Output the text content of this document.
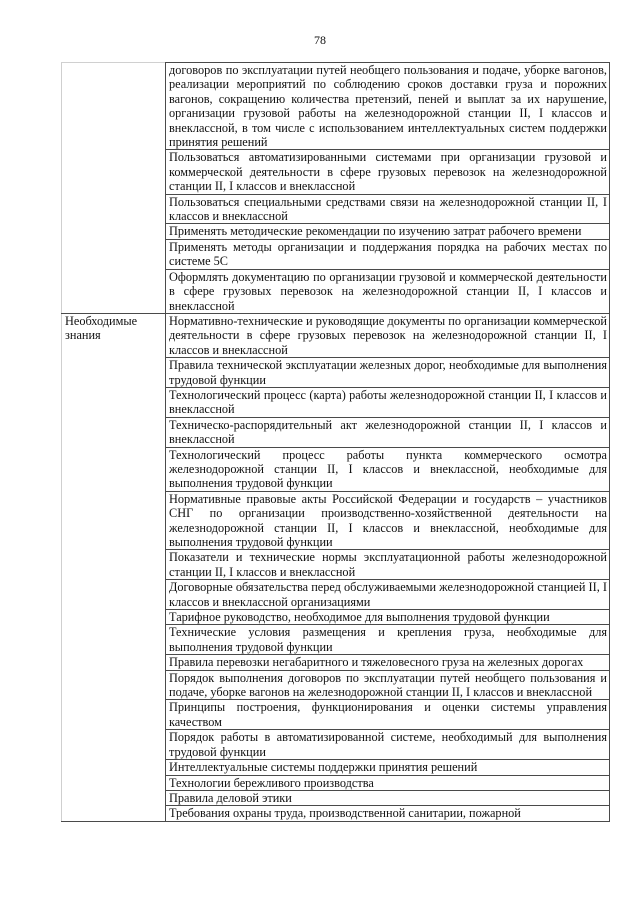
78
	договоров по эксплуатации путей необщего пользования и подаче, уборке вагонов, реализации мероприятий по соблюдению сроков доставки груза и порожних вагонов, сокращению количества претензий, пеней и выплат за их нарушение, организации грузовой работы на железнодорожной станции II, I классов и внеклассной, в том числе с использованием интеллектуальных систем поддержки принятия решений
	Пользоваться автоматизированными системами при организации грузовой и коммерческой деятельности в сфере грузовых перевозок на железнодорожной станции II, I классов и внеклассной
	Пользоваться специальными средствами связи на железнодорожной станции II, I классов и внеклассной
	Применять методические рекомендации по изучению затрат рабочего времени
	Применять методы организации и поддержания порядка на рабочих местах по системе 5С
	Оформлять документацию по организации грузовой и коммерческой деятельности в сфере грузовых перевозок на железнодорожной станции II, I классов и внеклассной

Необходимые знания	Нормативно-технические и руководящие документы по организации коммерческой деятельности в сфере грузовых перевозок на железнодорожной станции II, I классов и внеклассной
	Правила технической эксплуатации железных дорог, необходимые для выполнения трудовой функции
	Технологический процесс (карта) работы железнодорожной станции II, I классов и внеклассной
	Техническо-распорядительный акт железнодорожной станции II, I классов и внеклассной
	Технологический процесс работы пункта коммерческого осмотра железнодорожной станции II, I классов и внеклассной, необходимые для выполнения трудовой функции
	Нормативные правовые акты Российской Федерации и государств – участников СНГ по организации производственно-хозяйственной деятельности на железнодорожной станции II, I классов и внеклассной, необходимые для выполнения трудовой функции
	Показатели и технические нормы эксплуатационной работы железнодорожной станции II, I классов и внеклассной
	Договорные обязательства перед обслуживаемыми железнодорожной станцией II, I классов и внеклассной организациями
	Тарифное руководство, необходимое для выполнения трудовой функции
	Технические условия размещения и крепления груза, необходимые для выполнения трудовой функции
	Правила перевозки негабаритного и тяжеловесного груза на железных дорогах
	Порядок выполнения договоров по эксплуатации путей необщего пользования и подаче, уборке вагонов на железнодорожной станции II, I классов и внеклассной
	Принципы построения, функционирования и оценки системы управления качеством
	Порядок работы в автоматизированной системе, необходимый для выполнения трудовой функции
	Интеллектуальные системы поддержки принятия решений
	Технологии бережливого производства
	Правила деловой этики
	Требования охраны труда, производственной санитарии, пожарной
